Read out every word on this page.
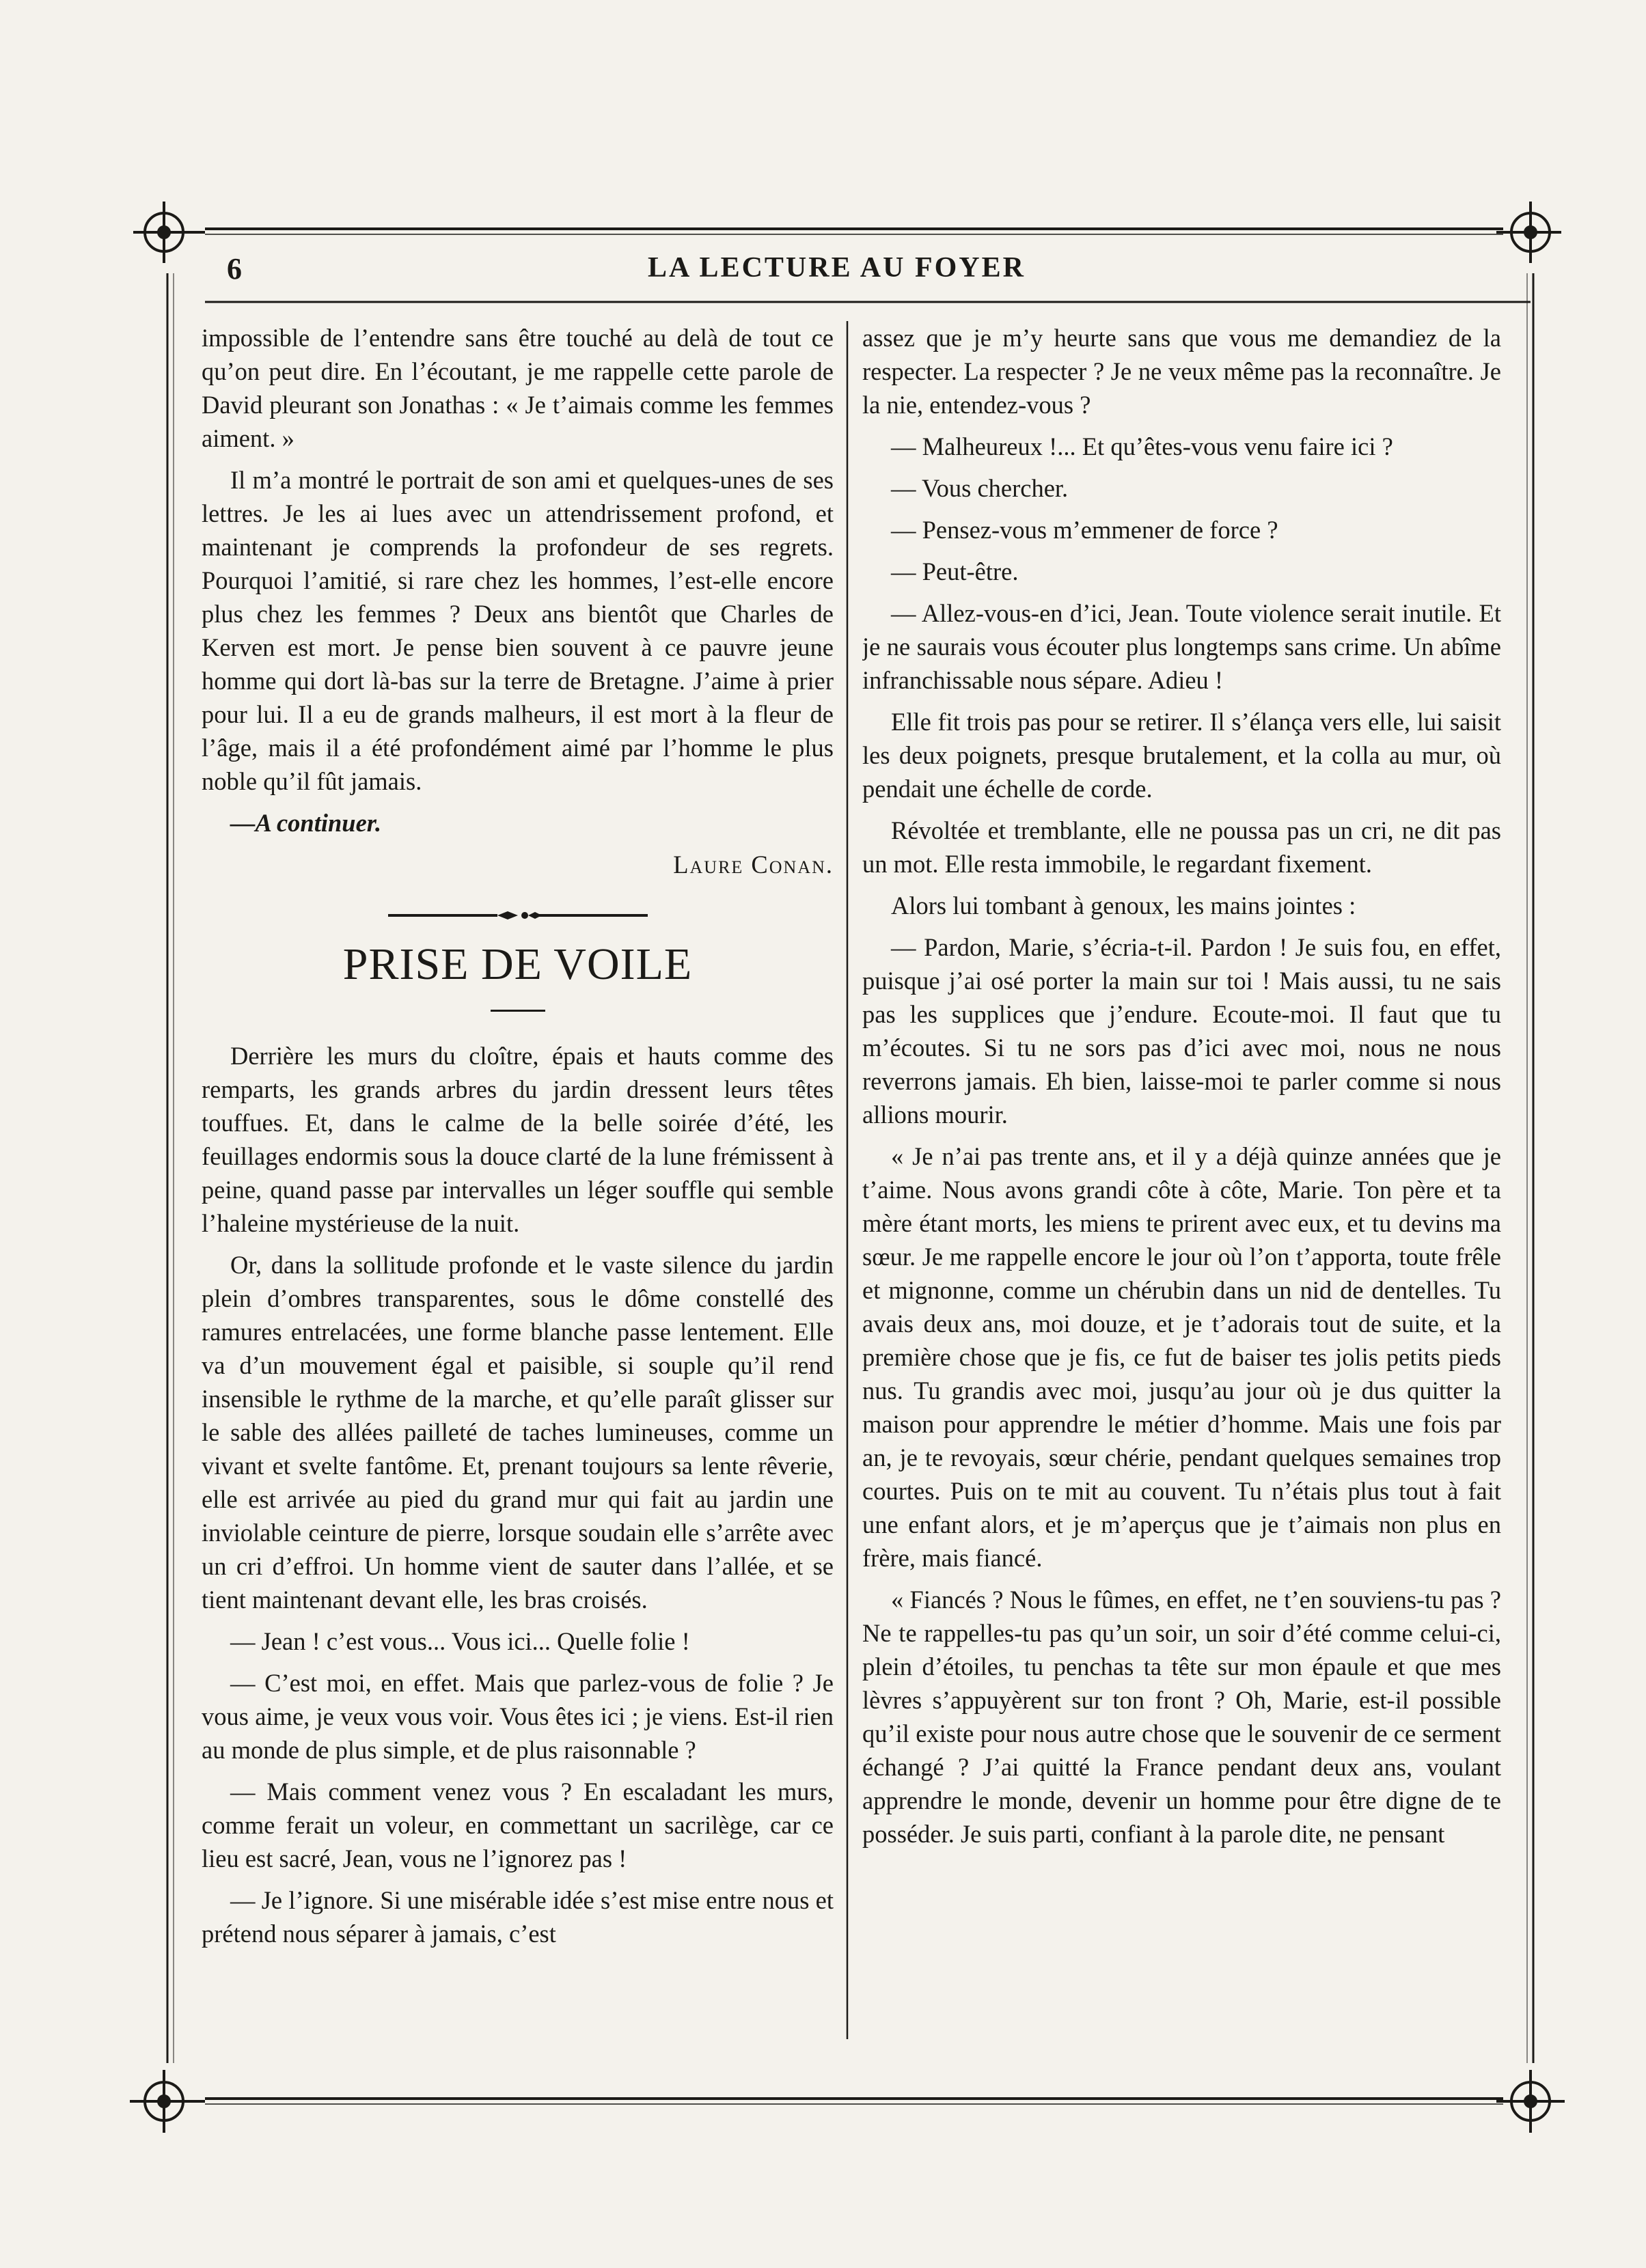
6	LA LECTURE AU FOYER

impossible de l’entendre sans être touché au delà de tout ce qu’on peut dire. En l’écoutant, je me rappelle cette parole de David pleurant son Jonathas : « Je t’aimais comme les femmes aiment. »

Il m’a montré le portrait de son ami et quelques-unes de ses lettres. Je les ai lues avec un attendrissement profond, et maintenant je comprends la profondeur de ses regrets. Pourquoi l’amitié, si rare chez les hommes, l’est-elle encore plus chez les femmes ? Deux ans bientôt que Charles de Kerven est mort. Je pense bien souvent à ce pauvre jeune homme qui dort là-bas sur la terre de Bretagne. J’aime à prier pour lui. Il a eu de grands malheurs, il est mort à la fleur de l’âge, mais il a été profondément aimé par l’homme le plus noble qu’il fût jamais.

—A continuer.

Laure Conan.

PRISE DE VOILE

Derrière les murs du cloître, épais et hauts comme des remparts, les grands arbres du jardin dressent leurs têtes touffues. Et, dans le calme de la belle soirée d’été, les feuillages endormis sous la douce clarté de la lune frémissent à peine, quand passe par intervalles un léger souffle qui semble l’haleine mystérieuse de la nuit.

Or, dans la sollitude profonde et le vaste silence du jardin plein d’ombres transparentes, sous le dôme constellé des ramures entrelacées, une forme blanche passe lentement. Elle va d’un mouvement égal et paisible, si souple qu’il rend insensible le rythme de la marche, et qu’elle paraît glisser sur le sable des allées pailleté de taches lumineuses, comme un vivant et svelte fantôme. Et, prenant toujours sa lente rêverie, elle est arrivée au pied du grand mur qui fait au jardin une inviolable ceinture de pierre, lorsque soudain elle s’arrête avec un cri d’effroi. Un homme vient de sauter dans l’allée, et se tient maintenant devant elle, les bras croisés.

— Jean ! c’est vous... Vous ici... Quelle folie !

— C’est moi, en effet. Mais que parlez-vous de folie ? Je vous aime, je veux vous voir. Vous êtes ici ; je viens. Est-il rien au monde de plus simple, et de plus raisonnable ?

— Mais comment venez vous ? En escaladant les murs, comme ferait un voleur, en commettant un sacrilège, car ce lieu est sacré, Jean, vous ne l’ignorez pas !

— Je l’ignore. Si une misérable idée s’est mise entre nous et prétend nous séparer à jamais, c’est

assez que je m’y heurte sans que vous me demandiez de la respecter. La respecter ? Je ne veux même pas la reconnaître. Je la nie, entendez-vous ?

— Malheureux !... Et qu’êtes-vous venu faire ici ?

— Vous chercher.

— Pensez-vous m’emmener de force ?

— Peut-être.

— Allez-vous-en d’ici, Jean. Toute violence serait inutile. Et je ne saurais vous écouter plus longtemps sans crime. Un abîme infranchissable nous sépare. Adieu !

Elle fit trois pas pour se retirer. Il s’élança vers elle, lui saisit les deux poignets, presque brutalement, et la colla au mur, où pendait une échelle de corde.

Révoltée et tremblante, elle ne poussa pas un cri, ne dit pas un mot. Elle resta immobile, le regardant fixement.

Alors lui tombant à genoux, les mains jointes :

— Pardon, Marie, s’écria-t-il. Pardon ! Je suis fou, en effet, puisque j’ai osé porter la main sur toi ! Mais aussi, tu ne sais pas les supplices que j’endure. Ecoute-moi. Il faut que tu m’écoutes. Si tu ne sors pas d’ici avec moi, nous ne nous reverrons jamais. Eh bien, laisse-moi te parler comme si nous allions mourir.

« Je n’ai pas trente ans, et il y a déjà quinze années que je t’aime. Nous avons grandi côte à côte, Marie. Ton père et ta mère étant morts, les miens te prirent avec eux, et tu devins ma sœur. Je me rappelle encore le jour où l’on t’apporta, toute frêle et mignonne, comme un chérubin dans un nid de dentelles. Tu avais deux ans, moi douze, et je t’adorais tout de suite, et la première chose que je fis, ce fut de baiser tes jolis petits pieds nus. Tu grandis avec moi, jusqu’au jour où je dus quitter la maison pour apprendre le métier d’homme. Mais une fois par an, je te revoyais, sœur chérie, pendant quelques semaines trop courtes. Puis on te mit au couvent. Tu n’étais plus tout à fait une enfant alors, et je m’aperçus que je t’aimais non plus en frère, mais fiancé.

« Fiancés ? Nous le fûmes, en effet, ne t’en souviens-tu pas ? Ne te rappelles-tu pas qu’un soir, un soir d’été comme celui-ci, plein d’étoiles, tu penchas ta tête sur mon épaule et que mes lèvres s’appuyèrent sur ton front ? Oh, Marie, est-il possible qu’il existe pour nous autre chose que le souvenir de ce serment échangé ? J’ai quitté la France pendant deux ans, voulant apprendre le monde, devenir un homme pour être digne de te posséder. Je suis parti, confiant à la parole dite, ne pensant
